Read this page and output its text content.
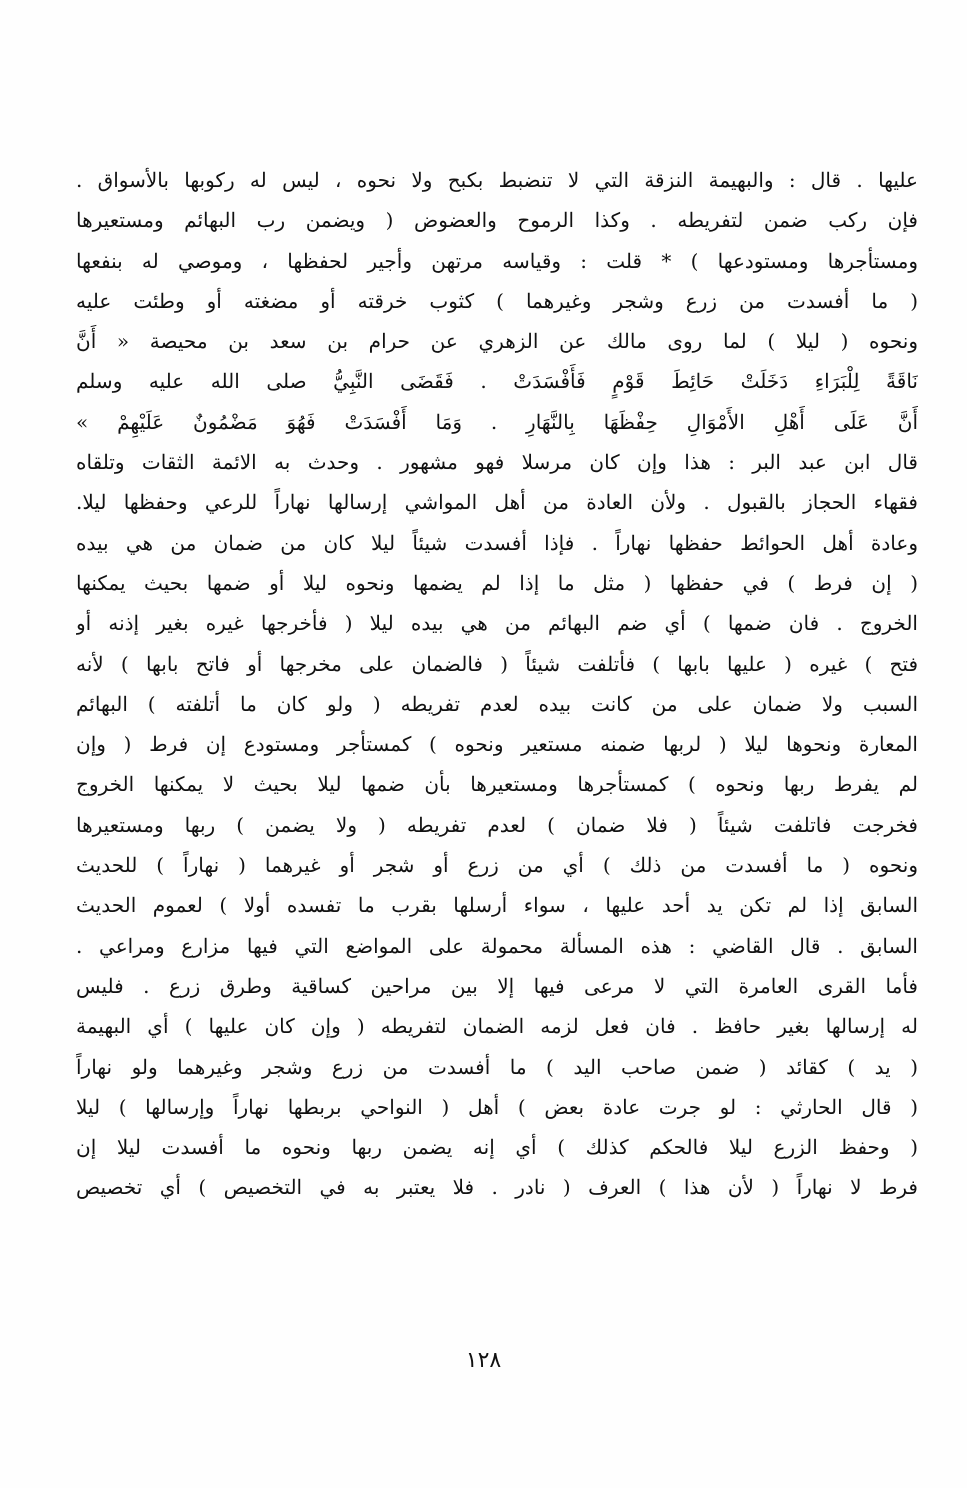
عليها . قال : والبهيمة النزقة التي لا تنضبط بكبح ولا نحوه ، ليس له ركوبها بالأسواق .
فإن ركب ضمن لتفريطه . وكذا الرموح والعضوض ( ويضمن رب البهائم ومستعيرها
ومستأجرها ومستودعها ) * قلت : وقياسه مرتهن وأجير لحفظها ، وموصي له بنفعها
( ما أفسدت من زرع وشجر وغيرهما ) كثوب خرقته أو مضغته أو وطئت عليه
ونحوه ( ليلا ) لما روى مالك عن الزهري عن حرام بن سعد بن محيصة « أَنَّ
نَاقَةً لِلْبَرَاءِ دَخَلَتْ حَائِطَ قَوْمٍ فَأَفْسَدَتْ . فَقَضَى النَّبِيُّ صلى الله عليه وسلم
أَنَّ عَلَى أَهْلِ الأَمْوَالِ حِفْظَهَا بِالنَّهَارِ . وَمَا أَفْسَدَتْ فَهُوَ مَضْمُونٌ عَلَيْهِمْ »
قال ابن عبد البر : هذا وإن كان مرسلا فهو مشهور . وحدث به الائمة الثقات وتلقاه
فقهاء الحجاز بالقبول . ولأن العادة من أهل المواشي إرسالها نهاراً للرعي وحفظها ليلا.
وعادة أهل الحوائط حفظها نهاراً . فإذا أفسدت شيئاً ليلا كان من ضمان من هي بيده
( إن فرط ) في حفظها ( مثل ما إذا لم يضمها ونحوه ليلا أو ضمها بحيث يمكنها
الخروج . فان ضمها ) أي ضم البهائم من هي بيده ليلا ( فأخرجها غيره بغير إذنه أو
فتح ) غيره ( عليها بابها ) فأتلفت شيئاً ( فالضمان على مخرجها أو فاتح بابها ) لأنه
السبب ولا ضمان على من كانت بيده لعدم تفريطه ( ولو كان ما أتلفته ) البهائم
المعارة ونحوها ليلا ( لربها ضمنه مستعير ونحوه ) كمستأجر ومستودع إن فرط ( وإن
لم يفرط ربها ونحوه ) كمستأجرها ومستعيرها بأن ضمها ليلا بحيث لا يمكنها الخروج
فخرجت فاتلفت شيئاً ( فلا ضمان ) لعدم تفريطه ( ولا يضمن ) ربها ومستعيرها
ونحوه ( ما أفسدت من ذلك ) أي من زرع أو شجر أو غيرهما ( نهاراً ) للحديث
السابق إذا لم تكن يد أحد عليها ، سواء أرسلها بقرب ما تفسده أولا ) لعموم الحديث
السابق . قال القاضي : هذه المسألة محمولة على المواضع التي فيها مزارع ومراعي .
فأما القرى العامرة التي لا مرعى فيها إلا بين مراحين كساقية وطرق زرع . فليس
له إرسالها بغير حافظ . فان فعل لزمه الضمان لتفريطه ( وإن كان عليها ) أي البهيمة
( يد ) كقائد ( ضمن صاحب اليد ) ما أفسدت من زرع وشجر وغيرهما ولو نهاراً
( قال الحارثي : لو جرت عادة بعض ) أهل ( النواحي بربطها نهاراً وإرسالها ) ليلا
( وحفظ الزرع ليلا فالحكم كذلك ) أي إنه يضمن ربها ونحوه ما أفسدت ليلا إن
فرط لا نهاراً ( لأن هذا ) العرف ( نادر . فلا يعتبر به في التخصيص ) أي تخصيص
١٢٨
